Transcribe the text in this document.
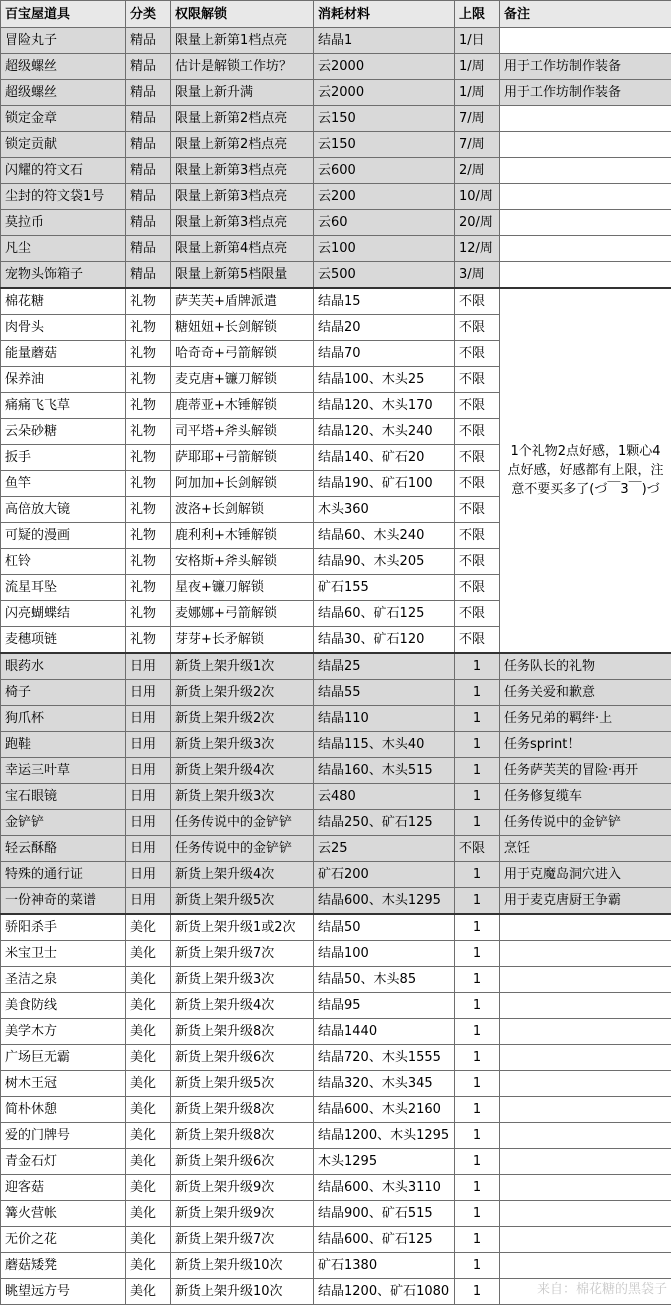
百宝屋道具	分类	权限解锁	消耗材料	上限	备注
冒险丸子	精品	限量上新第1档点亮	结晶1	1/日	
超级螺丝	精品	估计是解锁工作坊？	云2000	1/周	用于工作坊制作装备
超级螺丝	精品	限量上新升满	云2000	1/周	用于工作坊制作装备
锁定金章	精品	限量上新第2档点亮	云150	7/周	
锁定贡献	精品	限量上新第2档点亮	云150	7/周	
闪耀的符文石	精品	限量上新第3档点亮	云600	2/周	
尘封的符文袋1号	精品	限量上新第3档点亮	云200	10/周	
莫拉币	精品	限量上新第3档点亮	云60	20/周	
凡尘	精品	限量上新第4档点亮	云100	12/周	
宠物头饰箱子	精品	限量上新第5档限量	云500	3/周	
棉花糖	礼物	萨芙芙+盾牌派遣	结晶15	不限	1个礼物2点好感，1颗心4点好感，好感都有上限，注意不要买多了(づ￣3￣)づ
肉骨头	礼物	糖妞妞+长剑解锁	结晶20	不限	
能量蘑菇	礼物	哈奇奇+弓箭解锁	结晶70	不限	
保养油	礼物	麦克唐+镰刀解锁	结晶100、木头25	不限	
痛痛飞飞草	礼物	鹿蒂亚+木锤解锁	结晶120、木头170	不限	
云朵砂糖	礼物	司平塔+斧头解锁	结晶120、木头240	不限	
扳手	礼物	萨耶耶+弓箭解锁	结晶140、矿石20	不限	
鱼竿	礼物	阿加加+长剑解锁	结晶190、矿石100	不限	
高倍放大镜	礼物	波洛+长剑解锁	木头360	不限	
可疑的漫画	礼物	鹿利利+木锤解锁	结晶60、木头240	不限	
杠铃	礼物	安格斯+斧头解锁	结晶90、木头205	不限	
流星耳坠	礼物	星夜+镰刀解锁	矿石155	不限	
闪亮蝴蝶结	礼物	麦娜娜+弓箭解锁	结晶60、矿石125	不限	
麦穗项链	礼物	芽芽+长矛解锁	结晶30、矿石120	不限	
眼药水	日用	新货上架升级1次	结晶25	1	任务队长的礼物
椅子	日用	新货上架升级2次	结晶55	1	任务关爱和歉意
狗爪杯	日用	新货上架升级2次	结晶110	1	任务兄弟的羁绊·上
跑鞋	日用	新货上架升级3次	结晶115、木头40	1	任务sprint！
幸运三叶草	日用	新货上架升级4次	结晶160、木头515	1	任务萨芙芙的冒险·再开
宝石眼镜	日用	新货上架升级3次	云480	1	任务修复缆车
金铲铲	日用	任务传说中的金铲铲	结晶250、矿石125	1	任务传说中的金铲铲
轻云酥酪	日用	任务传说中的金铲铲	云25	不限	烹饪
特殊的通行证	日用	新货上架升级4次	矿石200	1	用于克魔岛洞穴进入
一份神奇的菜谱	日用	新货上架升级5次	结晶600、木头1295	1	用于麦克唐厨王争霸
骄阳杀手	美化	新货上架升级1或2次	结晶50	1	
米宝卫士	美化	新货上架升级7次	结晶100	1	
圣洁之泉	美化	新货上架升级3次	结晶50、木头85	1	
美食防线	美化	新货上架升级4次	结晶95	1	
美学木方	美化	新货上架升级8次	结晶1440	1	
广场巨无霸	美化	新货上架升级6次	结晶720、木头1555	1	
树木王冠	美化	新货上架升级5次	结晶320、木头345	1	
简朴休憩	美化	新货上架升级8次	结晶600、木头2160	1	
爱的门牌号	美化	新货上架升级8次	结晶1200、木头1295	1	
青金石灯	美化	新货上架升级6次	木头1295	1	
迎客菇	美化	新货上架升级9次	结晶600、木头3110	1	
篝火营帐	美化	新货上架升级9次	结晶900、矿石515	1	
无价之花	美化	新货上架升级7次	结晶600、矿石125	1	
蘑菇矮凳	美化	新货上架升级10次	矿石1380	1	
眺望远方号	美化	新货上架升级10次	结晶1200、矿石1080	1		来自：棉花糖的黑袋子
